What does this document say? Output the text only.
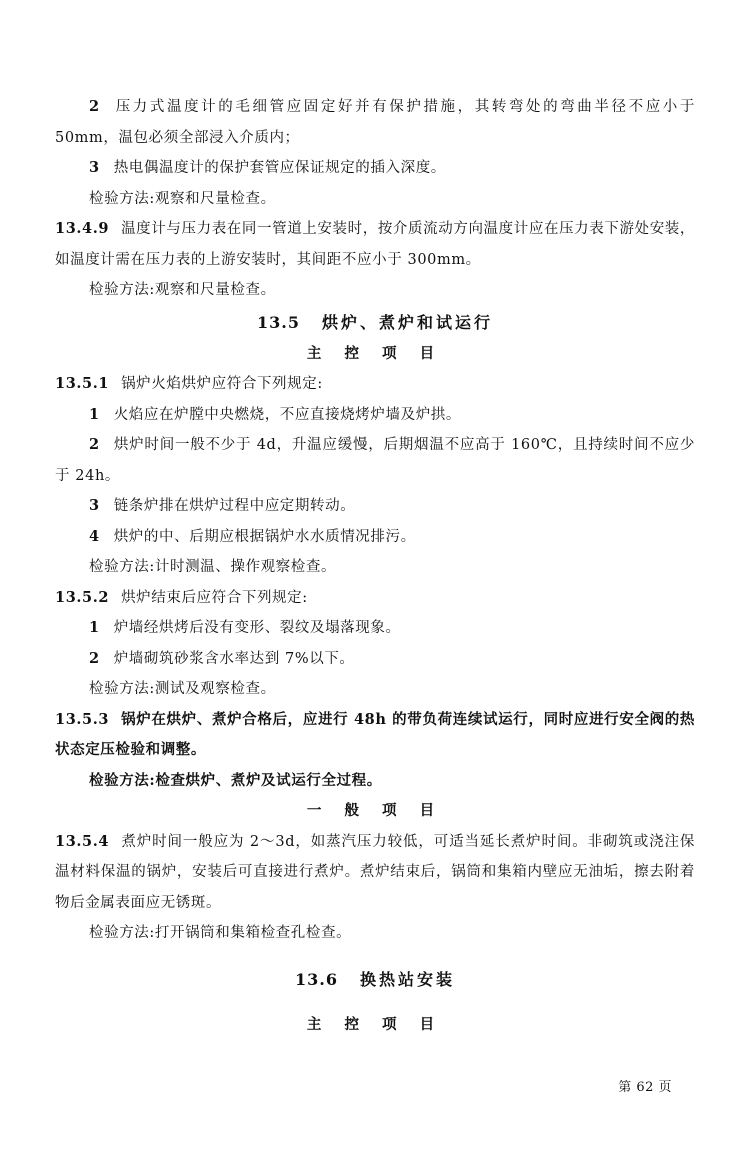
2 压力式温度计的毛细管应固定好并有保护措施，其转弯处的弯曲半径不应小于 50mm，温包必须全部浸入介质内；

3 热电偶温度计的保护套管应保证规定的插入深度。

检验方法:观察和尺量检查。

13.4.9 温度计与压力表在同一管道上安装时，按介质流动方向温度计应在压力表下游处安装，如温度计需在压力表的上游安装时，其间距不应小于 300mm。

检验方法:观察和尺量检查。

13.5 烘炉、煮炉和试运行
主 控 项 目

13.5.1 锅炉火焰烘炉应符合下列规定:

1 火焰应在炉膛中央燃烧，不应直接烧烤炉墙及炉拱。

2 烘炉时间一般不少于 4d，升温应缓慢，后期烟温不应高于 160℃，且持续时间不应少于 24h。

3 链条炉排在烘炉过程中应定期转动。

4 烘炉的中、后期应根据锅炉水水质情况排污。

检验方法:计时测温、操作观察检查。

13.5.2 烘炉结束后应符合下列规定:

1 炉墙经烘烤后没有变形、裂纹及塌落现象。

2 炉墙砌筑砂浆含水率达到 7%以下。

检验方法:测试及观察检查。

13.5.3 锅炉在烘炉、煮炉合格后，应进行 48h 的带负荷连续试运行，同时应进行安全阀的热状态定压检验和调整。

检验方法:检查烘炉、煮炉及试运行全过程。

一 般 项 目

13.5.4 煮炉时间一般应为 2～3d，如蒸汽压力较低，可适当延长煮炉时间。非砌筑或浇注保温材料保温的锅炉，安装后可直接进行煮炉。煮炉结束后，锅筒和集箱内壁应无油垢，擦去附着物后金属表面应无锈斑。

检验方法:打开锅筒和集箱检查孔检查。

13.6 换热站安装
主 控 项 目
第 62 页
